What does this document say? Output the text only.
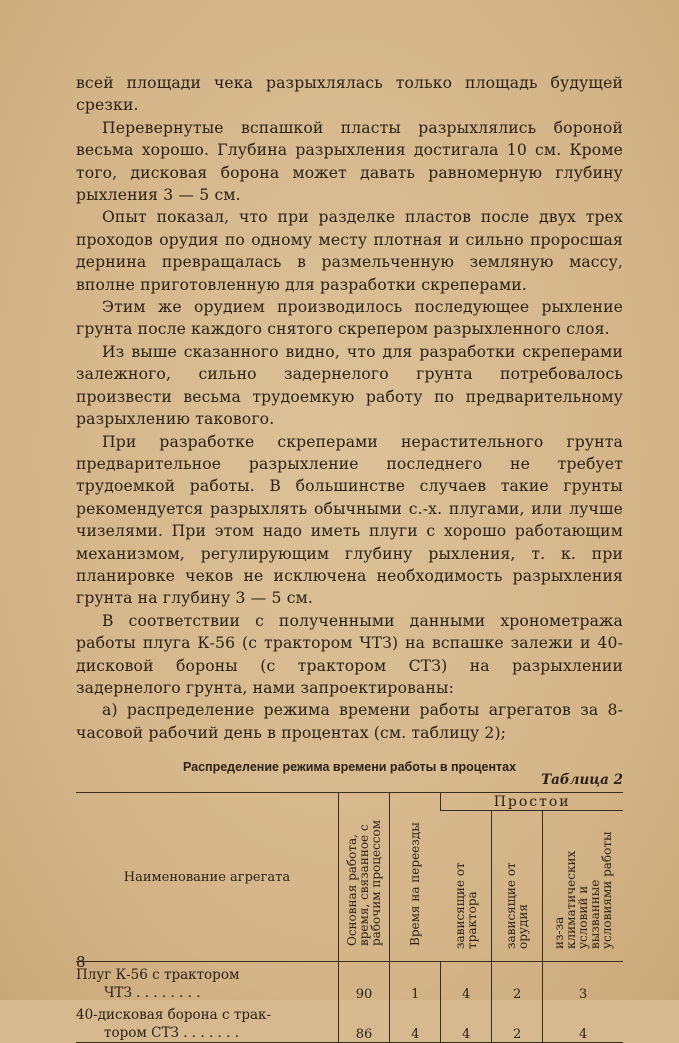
всей площади чека разрыхлялась только площадь будущей срезки.

Перевернутые вспашкой пласты разрыхлялись бороной весьма хорошо. Глубина разрыхления достигала 10 см. Кроме того, дисковая борона может давать равномерную глубину рыхления 3 — 5 см.

Опыт показал, что при разделке пластов после двух трех проходов орудия по одному месту плотная и сильно проросшая дернина превращалась в размельченную земляную массу, вполне приготовленную для разработки скреперами.

Этим же орудием производилось последующее рыхление грунта после каждого снятого скрепером разрыхленного слоя.

Из выше сказанного видно, что для разработки скреперами залежного, сильно задернелого грунта потребовалось произвести весьма трудоемкую работу по предварительному разрыхлению такового.

При разработке скреперами нерастительного грунта предварительное разрыхление последнего не требует трудоемкой работы. В большинстве случаев такие грунты рекомендуется разрыхлять обычными с.-х. плугами, или лучше чизелями. При этом надо иметь плуги с хорошо работающим механизмом, регулирующим глубину рыхления, т. к. при планировке чеков не исключена необходимость разрыхления грунта на глубину 3 — 5 см.

В соответствии с полученными данными хронометража работы плуга К-56 (с трактором ЧТЗ) на вспашке залежи и 40-дисковой бороны (с трактором СТЗ) на разрыхлении задернелого грунта, нами запроектированы:

а) распределение режима времени работы агрегатов за 8-часовой рабочий день в процентах (см. таблицу 2);

Распределение режима времени работы в процентах
Таблица 2
Наименование агрегата	Основная работа, время, связанное с рабочим процессом	Время на переезды	Простои		
			зависящие от трактора	зависящие от орудия	из-за климатических условий и вызванные условиями работы

Плуг К-56 с трактором
ЧТЗ . . . . . . . .	90	1	4	2	3

40-дисковая борона с трак-
тором СТЗ . . . . . . .	86	4	4	2	4
8
